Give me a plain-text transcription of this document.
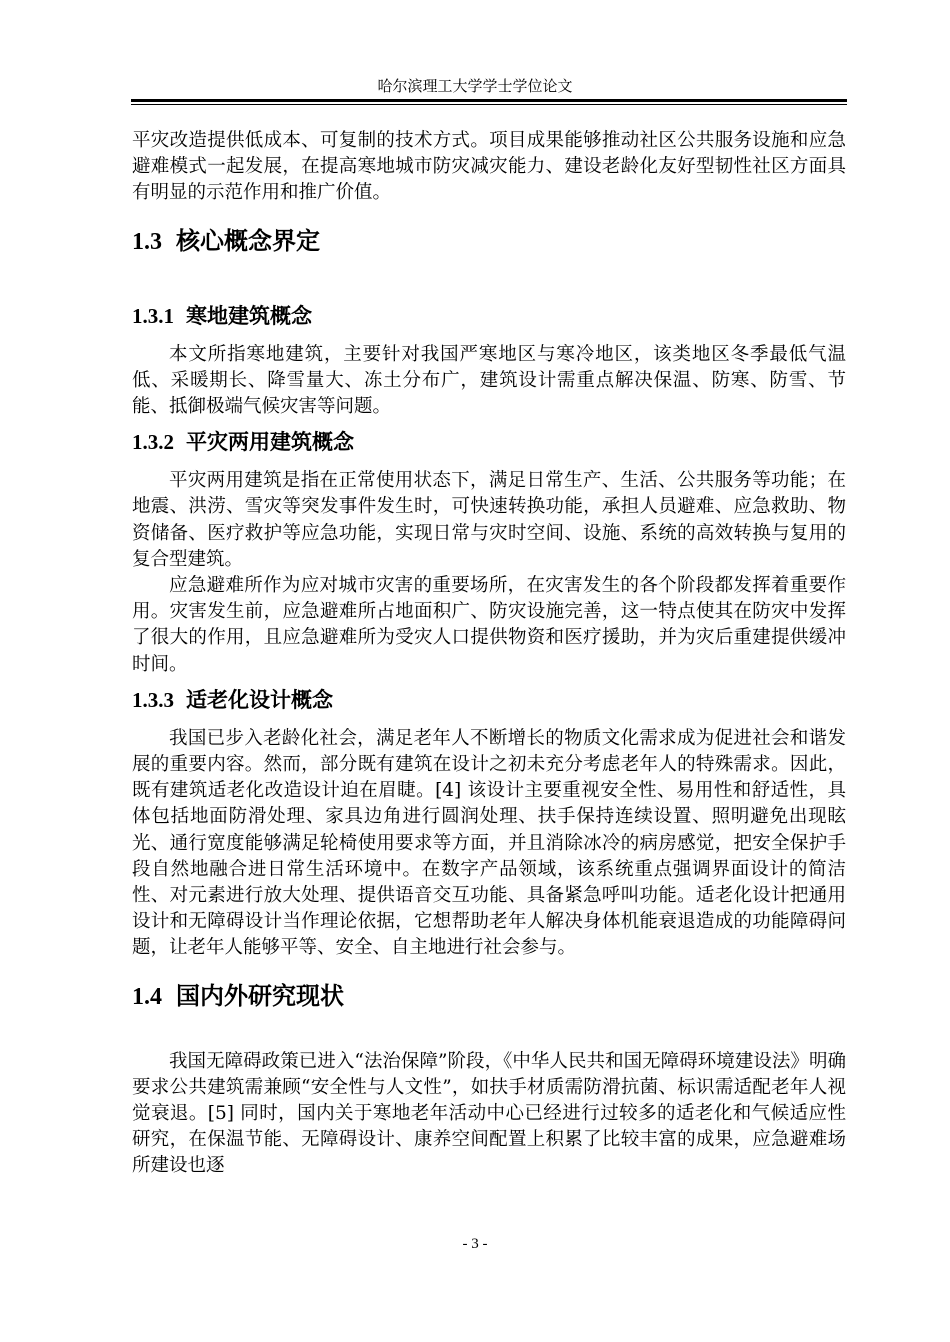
哈尔滨理工大学学士学位论文

平灾改造提供低成本、可复制的技术方式。项目成果能够推动社区公共服务设施和应急避难模式一起发展，在提高寒地城市防灾减灾能力、建设老龄化友好型韧性社区方面具有明显的示范作用和推广价值。

1.3 核心概念界定
1.3.1 寒地建筑概念

本文所指寒地建筑，主要针对我国严寒地区与寒冷地区，该类地区冬季最低气温低、采暖期长、降雪量大、冻土分布广，建筑设计需重点解决保温、防寒、防雪、节能、抵御极端气候灾害等问题。

1.3.2 平灾两用建筑概念

平灾两用建筑是指在正常使用状态下，满足日常生产、生活、公共服务等功能；在地震、洪涝、雪灾等突发事件发生时，可快速转换功能，承担人员避难、应急救助、物资储备、医疗救护等应急功能，实现日常与灾时空间、设施、系统的高效转换与复用的复合型建筑。

应急避难所作为应对城市灾害的重要场所，在灾害发生的各个阶段都发挥着重要作用。灾害发生前，应急避难所占地面积广、防灾设施完善，这一特点使其在防灾中发挥了很大的作用，且应急避难所为受灾人口提供物资和医疗援助，并为灾后重建提供缓冲时间。

1.3.3 适老化设计概念

我国已步入老龄化社会，满足老年人不断增长的物质文化需求成为促进社会和谐发展的重要内容。然而，部分既有建筑在设计之初未充分考虑老年人的特殊需求。因此，既有建筑适老化改造设计迫在眉睫。[4] 该设计主要重视安全性、易用性和舒适性，具体包括地面防滑处理、家具边角进行圆润处理、扶手保持连续设置、照明避免出现眩光、通行宽度能够满足轮椅使用要求等方面，并且消除冰冷的病房感觉，把安全保护手段自然地融合进日常生活环境中。在数字产品领域，该系统重点强调界面设计的简洁性、对元素进行放大处理、提供语音交互功能、具备紧急呼叫功能。适老化设计把通用设计和无障碍设计当作理论依据，它想帮助老年人解决身体机能衰退造成的功能障碍问题，让老年人能够平等、安全、自主地进行社会参与。

1.4 国内外研究现状

我国无障碍政策已进入“法治保障”阶段，《中华人民共和国无障碍环境建设法》明确要求公共建筑需兼顾“安全性与人文性”，如扶手材质需防滑抗菌、标识需适配老年人视觉衰退。[5] 同时，国内关于寒地老年活动中心已经进行过较多的适老化和气候适应性研究，在保温节能、无障碍设计、康养空间配置上积累了比较丰富的成果，应急避难场所建设也逐

- 3 -
